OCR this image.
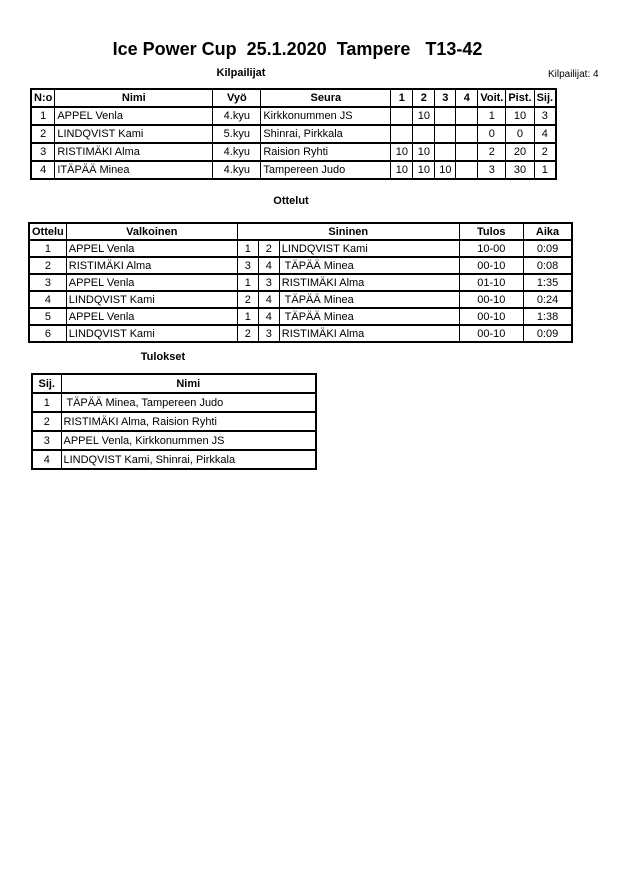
Ice Power Cup  25.1.2020  Tampere   T13-42
Kilpailijat	Kilpailijat: 4
N:o	Nimi	Vyö	Seura	1	2	3	4	Voit.	Pist.	Sij.
1	APPEL Venla	4.kyu	Kirkkonummen JS		10			1	10	3
2	LINDQVIST Kami	5.kyu	Shinrai, Pirkkala					0	0	4
3	RISTIMÄKI Alma	4.kyu	Raision Ryhti	10	10			2	20	2
4	ITÄPÄÄ Minea	4.kyu	Tampereen Judo	10	10	10		3	30	1
Ottelut
Ottelu	Valkoinen	Sininen			Tulos	Aika
1	APPEL Venla	1	2	LINDQVIST Kami	10-00	0:09
2	RISTIMÄKI Alma	3	4	TÄPÄÄ Minea	00-10	0:08
3	APPEL Venla	1	3	RISTIMÄKI Alma	01-10	1:35
4	LINDQVIST Kami	2	4	TÄPÄÄ Minea	00-10	0:24
5	APPEL Venla	1	4	TÄPÄÄ Minea	00-10	1:38
6	LINDQVIST Kami	2	3	RISTIMÄKI Alma	00-10	0:09
Tulokset
Sij.	Nimi
1	TÄPÄÄ Minea, Tampereen Judo
2	RISTIMÄKI Alma, Raision Ryhti
3	APPEL Venla, Kirkkonummen JS
4	LINDQVIST Kami, Shinrai, Pirkkala
